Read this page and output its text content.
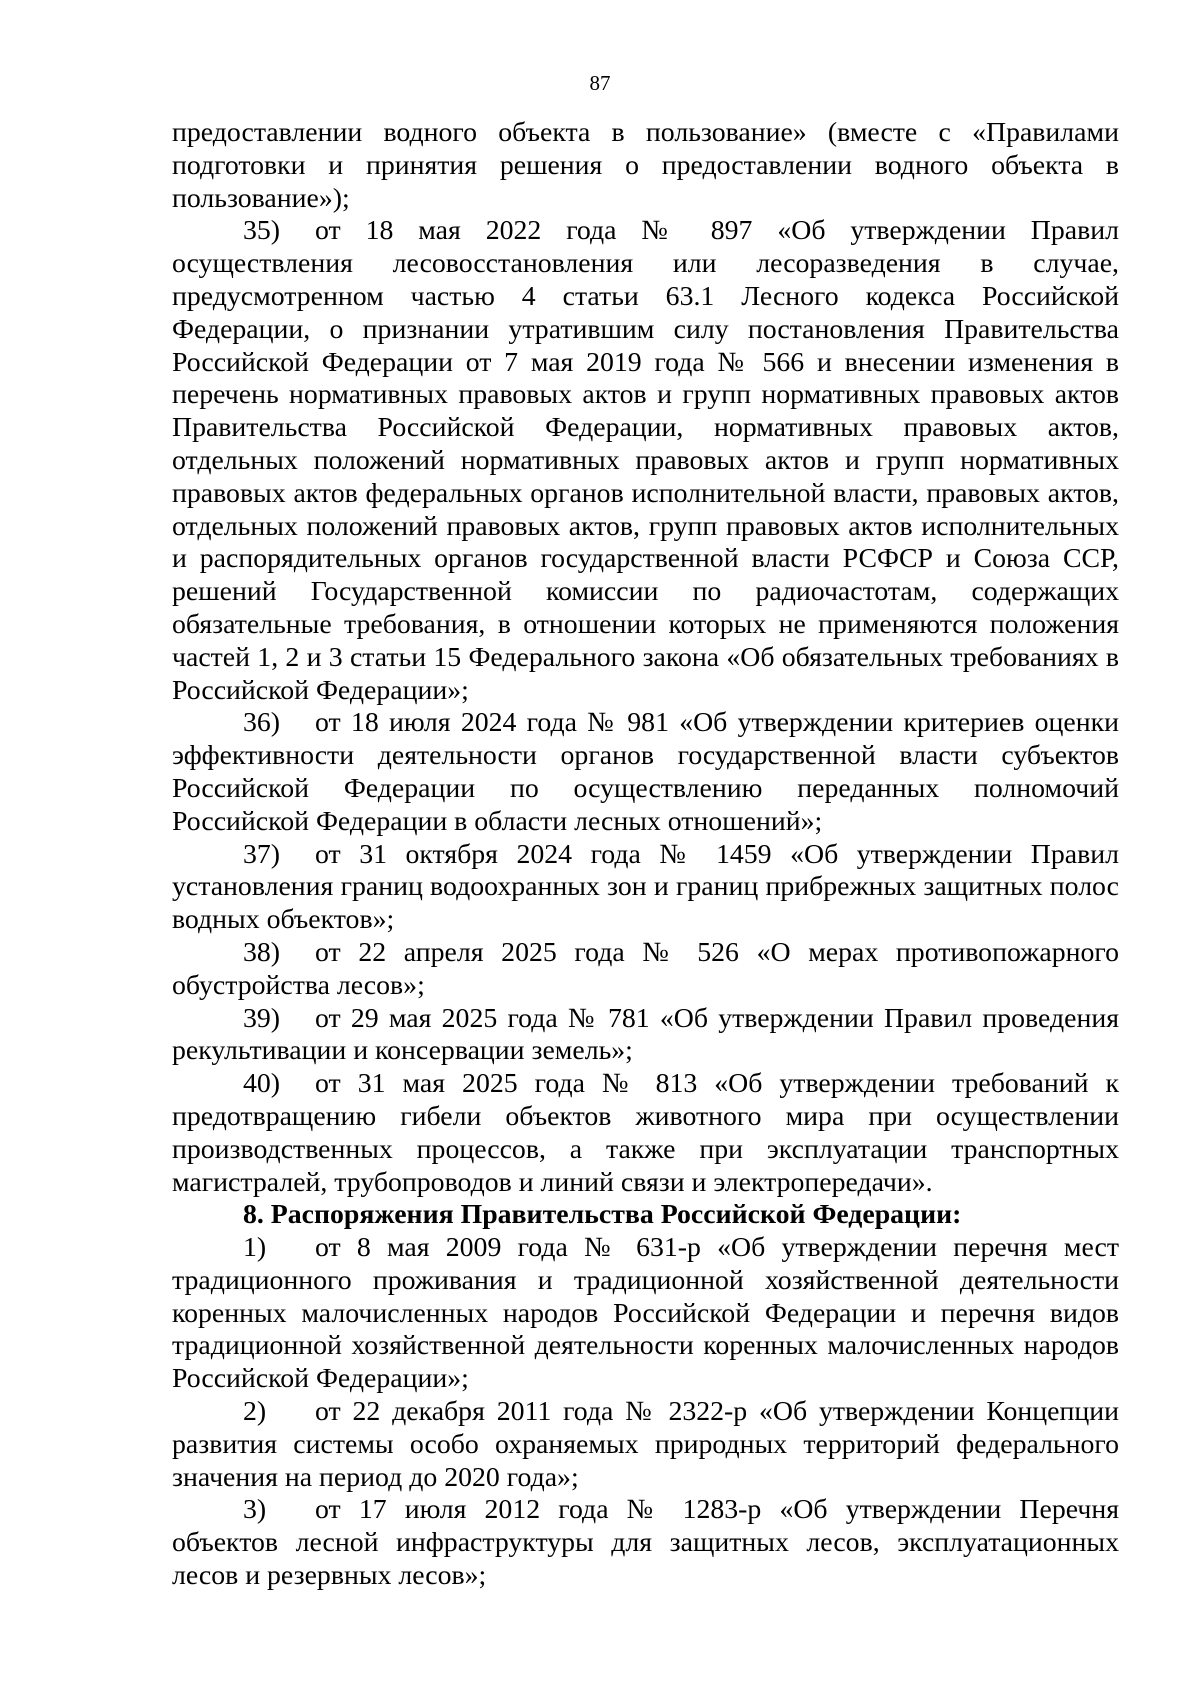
87

предоставлении водного объекта в пользование» (вместе с «Правилами подготовки и принятия решения о предоставлении водного объекта в пользование»);

35) от 18 мая 2022 года № 897 «Об утверждении Правил осуществления лесовосстановления или лесоразведения в случае, предусмотренном частью 4 статьи 63.1 Лесного кодекса Российской Федерации, о признании утратившим силу постановления Правительства Российской Федерации от 7 мая 2019 года № 566 и внесении изменения в перечень нормативных правовых актов и групп нормативных правовых актов Правительства Российской Федерации, нормативных правовых актов, отдельных положений нормативных правовых актов и групп нормативных правовых актов федеральных органов исполнительной власти, правовых актов, отдельных положений правовых актов, групп правовых актов исполнительных и распорядительных органов государственной власти РСФСР и Союза ССР, решений Государственной комиссии по радиочастотам, содержащих обязательные требования, в отношении которых не применяются положения частей 1, 2 и 3 статьи 15 Федерального закона «Об обязательных требованиях в Российской Федерации»;

36) от 18 июля 2024 года № 981 «Об утверждении критериев оценки эффективности деятельности органов государственной власти субъектов Российской Федерации по осуществлению переданных полномочий Российской Федерации в области лесных отношений»;

37) от 31 октября 2024 года № 1459 «Об утверждении Правил установления границ водоохранных зон и границ прибрежных защитных полос водных объектов»;

38) от 22 апреля 2025 года № 526 «О мерах противопожарного обустройства лесов»;

39) от 29 мая 2025 года № 781 «Об утверждении Правил проведения рекультивации и консервации земель»;

40) от 31 мая 2025 года № 813 «Об утверждении требований к предотвращению гибели объектов животного мира при осуществлении производственных процессов, а также при эксплуатации транспортных магистралей, трубопроводов и линий связи и электропередачи».

8. Распоряжения Правительства Российской Федерации:

1) от 8 мая 2009 года № 631-р «Об утверждении перечня мест традиционного проживания и традиционной хозяйственной деятельности коренных малочисленных народов Российской Федерации и перечня видов традиционной хозяйственной деятельности коренных малочисленных народов Российской Федерации»;

2) от 22 декабря 2011 года № 2322-р «Об утверждении Концепции развития системы особо охраняемых природных территорий федерального значения на период до 2020 года»;

3) от 17 июля 2012 года № 1283-р «Об утверждении Перечня объектов лесной инфраструктуры для защитных лесов, эксплуатационных лесов и резервных лесов»;
